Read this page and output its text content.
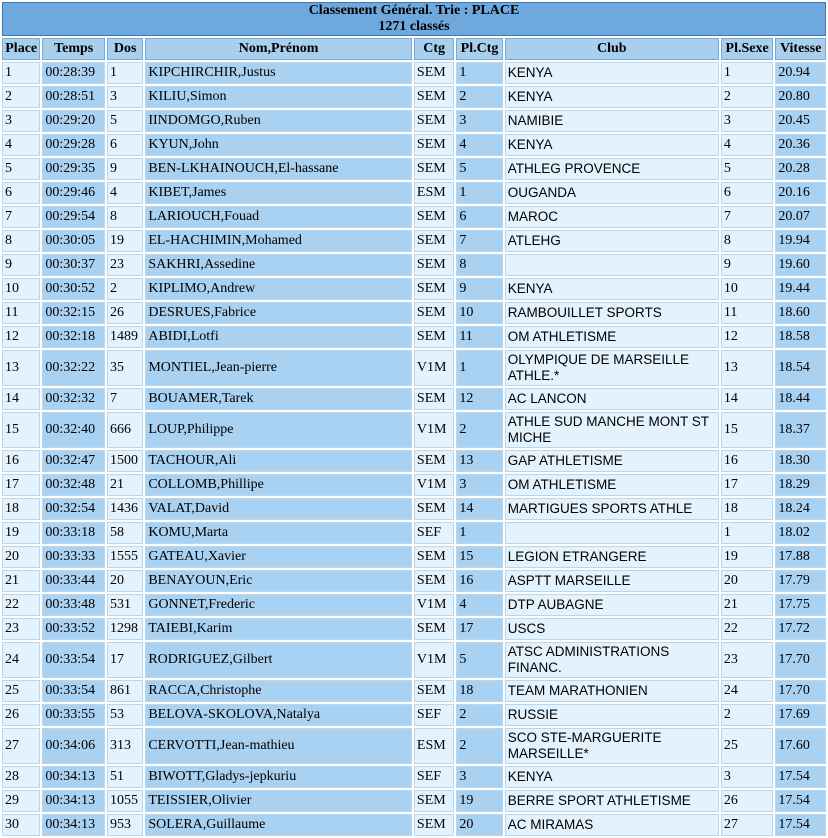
Classement Général. Trie : PLACE
1271 classés								

Place	Temps	Dos	Nom,Prénom	Ctg	Pl.Ctg	Club	Pl.Sexe	Vitesse
1	00:28:39	1	KIPCHIRCHIR,Justus	SEM	1	KENYA	1	20.94
2	00:28:51	3	KILIU,Simon	SEM	2	KENYA	2	20.80
3	00:29:20	5	IINDOMGO,Ruben	SEM	3	NAMIBIE	3	20.45
4	00:29:28	6	KYUN,John	SEM	4	KENYA	4	20.36
5	00:29:35	9	BEN-LKHAINOUCH,El-hassane	SEM	5	ATHLEG PROVENCE	5	20.28
6	00:29:46	4	KIBET,James	ESM	1	OUGANDA	6	20.16
7	00:29:54	8	LARIOUCH,Fouad	SEM	6	MAROC	7	20.07
8	00:30:05	19	EL-HACHIMIN,Mohamed	SEM	7	ATLEHG	8	19.94
9	00:30:37	23	SAKHRI,Assedine	SEM	8		9	19.60
10	00:30:52	2	KIPLIMO,Andrew	SEM	9	KENYA	10	19.44
11	00:32:15	26	DESRUES,Fabrice	SEM	10	RAMBOUILLET SPORTS	11	18.60
12	00:32:18	1489	ABIDI,Lotfi	SEM	11	OM ATHLETISME	12	18.58
13	00:32:22	35	MONTIEL,Jean-pierre	V1M	1	OLYMPIQUE DE MARSEILLE ATHLE.*	13	18.54
14	00:32:32	7	BOUAMER,Tarek	SEM	12	AC LANCON	14	18.44
15	00:32:40	666	LOUP,Philippe	V1M	2	ATHLE SUD MANCHE MONT ST MICHE	15	18.37
16	00:32:47	1500	TACHOUR,Ali	SEM	13	GAP ATHLETISME	16	18.30
17	00:32:48	21	COLLOMB,Phillipe	V1M	3	OM ATHLETISME	17	18.29
18	00:32:54	1436	VALAT,David	SEM	14	MARTIGUES SPORTS ATHLE	18	18.24
19	00:33:18	58	KOMU,Marta	SEF	1		1	18.02
20	00:33:33	1555	GATEAU,Xavier	SEM	15	LEGION ETRANGERE	19	17.88
21	00:33:44	20	BENAYOUN,Eric	SEM	16	ASPTT MARSEILLE	20	17.79
22	00:33:48	531	GONNET,Frederic	V1M	4	DTP AUBAGNE	21	17.75
23	00:33:52	1298	TAIEBI,Karim	SEM	17	USCS	22	17.72
24	00:33:54	17	RODRIGUEZ,Gilbert	V1M	5	ATSC ADMINISTRATIONS FINANC.	23	17.70
25	00:33:54	861	RACCA,Christophe	SEM	18	TEAM MARATHONIEN	24	17.70
26	00:33:55	53	BELOVA-SKOLOVA,Natalya	SEF	2	RUSSIE	2	17.69
27	00:34:06	313	CERVOTTI,Jean-mathieu	ESM	2	SCO STE-MARGUERITE MARSEILLE*	25	17.60
28	00:34:13	51	BIWOTT,Gladys-jepkuriu	SEF	3	KENYA	3	17.54
29	00:34:13	1055	TEISSIER,Olivier	SEM	19	BERRE SPORT ATHLETISME	26	17.54
30	00:34:13	953	SOLERA,Guillaume	SEM	20	AC MIRAMAS	27	17.54
